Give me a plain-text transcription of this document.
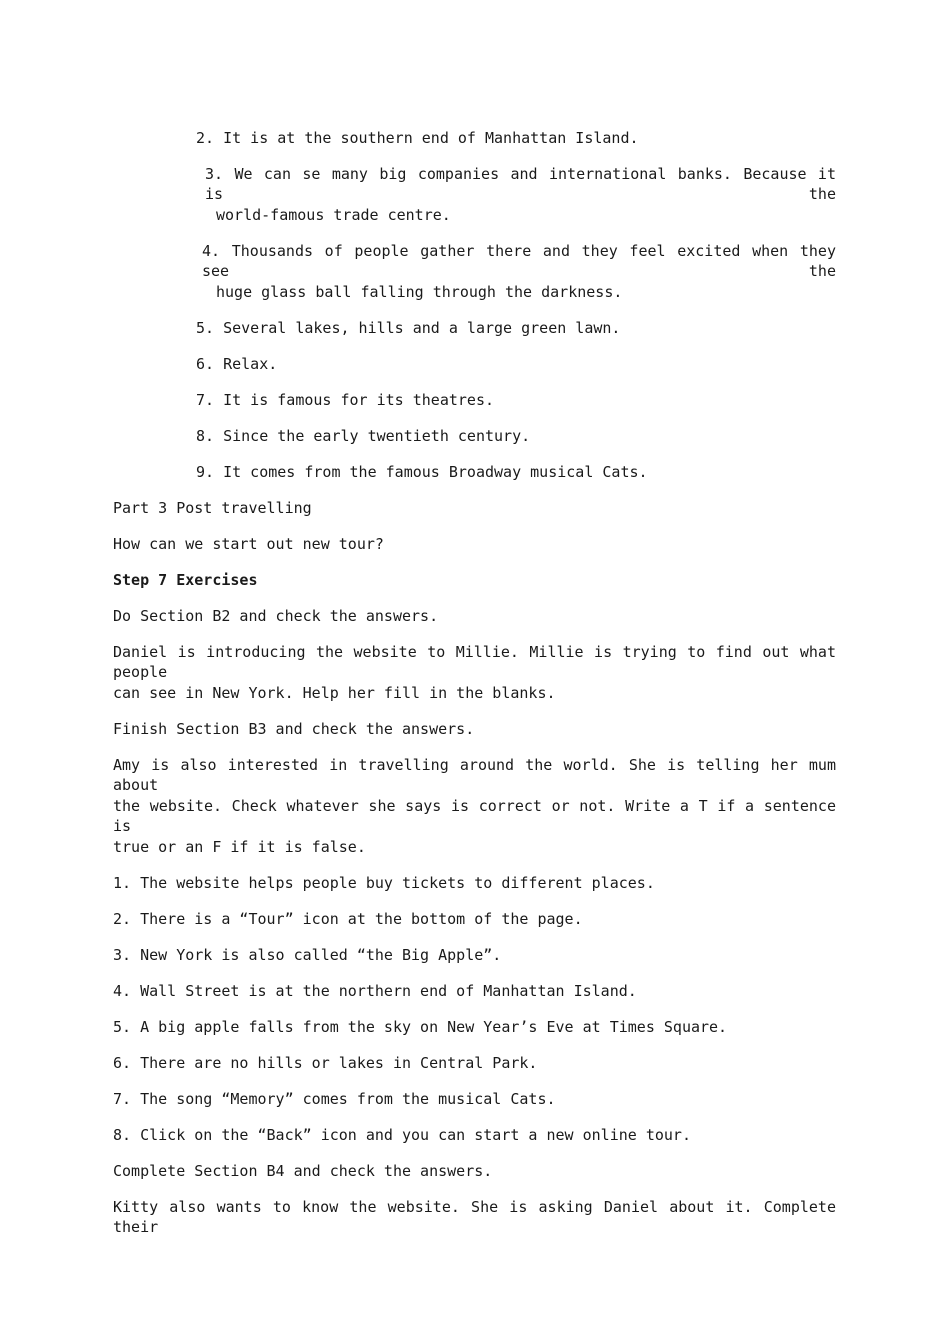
2. It is at the southern end of Manhattan Island.
3. We can se many big companies and international banks. Because it is the
world-famous trade centre.
4. Thousands of people gather there and they feel excited when they see the
huge glass ball falling through the darkness.
5. Several lakes, hills and a large green lawn.
6. Relax.
7. It is famous for its theatres.
8. Since the early twentieth century.
9. It comes from the famous Broadway musical Cats.
Part 3 Post travelling
How can we start out new tour?
Step 7 Exercises
Do Section B2 and check the answers.
Daniel is introducing the website to Millie. Millie is trying to find out what people
can see in New York. Help her fill in the blanks.
Finish Section B3 and check the answers.
Amy is also interested in travelling around the world. She is telling her mum about
the website. Check whatever she says is correct or not. Write a T if a sentence is
true or an F if it is false.
1. The website helps people buy tickets to different places.
2. There is a “Tour” icon at the bottom of the page.
3. New York is also called “the Big Apple”.
4. Wall Street is at the northern end of Manhattan Island.
5. A big apple falls from the sky on New Year’s Eve at Times Square.
6. There are no hills or lakes in Central Park.
7. The song “Memory” comes from the musical Cats.
8. Click on the “Back” icon and you can start a new online tour.
Complete Section B4 and check the answers.
Kitty also wants to know the website. She is asking Daniel about it. Complete their
